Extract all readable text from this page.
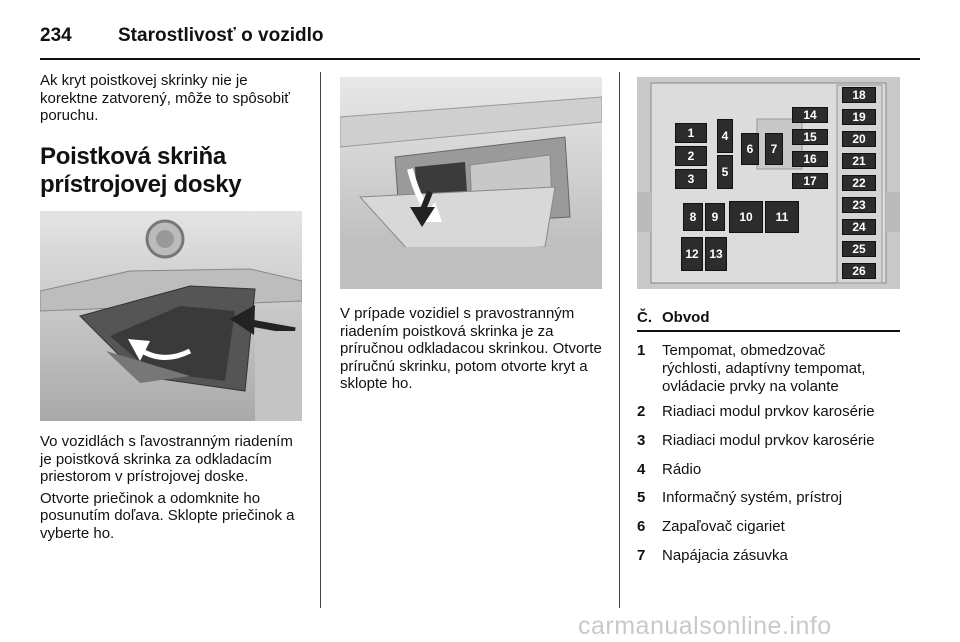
234	Starostlivosť o vozidlo

Ak kryt poistkovej skrinky nie je korektne zatvorený, môže to spôsobiť poruchu.

Poistková skriňa
prístrojovej dosky

Vo vozidlách s ľavostranným riadením je poistková skrinka za odkladacím priestorom v prístrojovej doske.

Otvorte priečinok a odomknite ho posunutím doľava. Sklopte priečinok a vyberte ho.

V prípade vozidiel s pravostranným riadením poistková skrinka je za príručnou odkladacou skrinkou. Otvorte príručnú skrinku, potom otvorte kryt a sklopte ho.

1
2
3
4
5
6 7
8 9 10 11
12 13
14
15
16
17
18
19
20
21
22
23
24
25
26
Č. Obvod
1	Tempomat, obmedzovač
rýchlosti, adaptívny tempomat,
ovládacie prvky na volante
2	Riadiaci modul prvkov karosérie
3	Riadiaci modul prvkov karosérie
4	Rádio
5	Informačný systém, prístroj
6	Zapaľovač cigariet
7	Napájacia zásuvka
carmanualsonline.info
